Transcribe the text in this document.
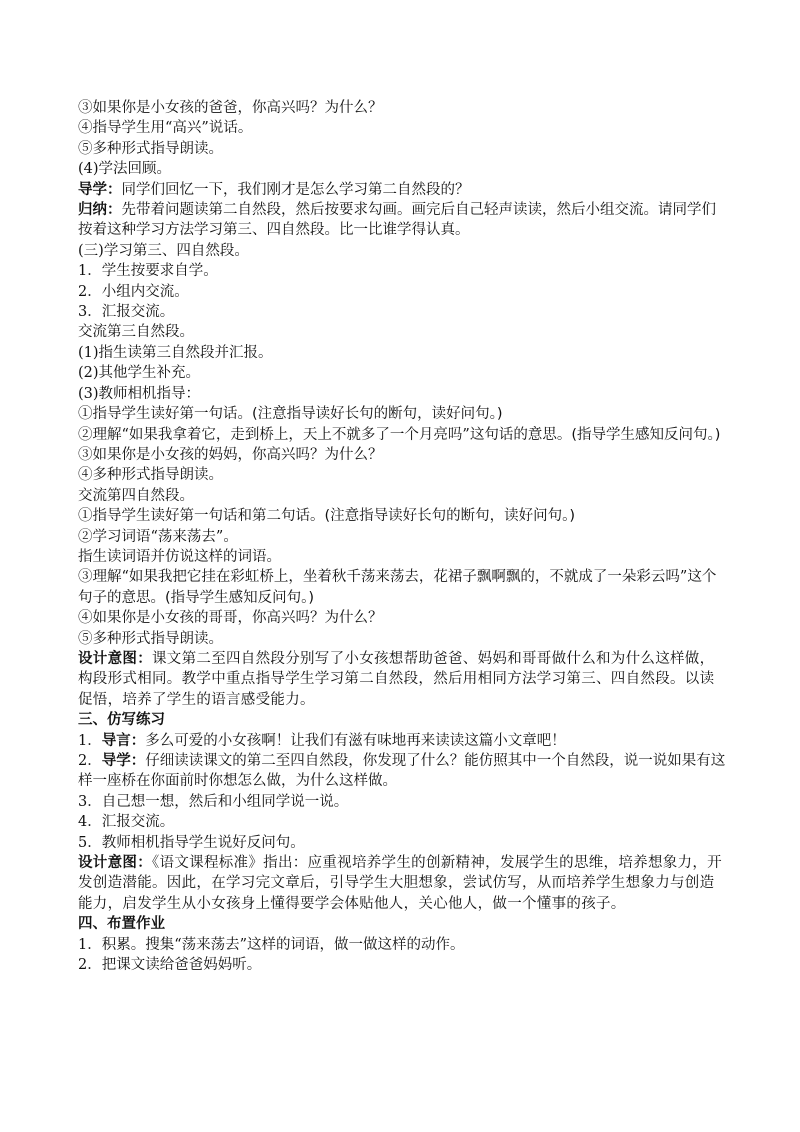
③如果你是小女孩的爸爸，你高兴吗？为什么？
④指导学生用“高兴”说话。
⑤多种形式指导朗读。
(4)学法回顾。
导学：同学们回忆一下，我们刚才是怎么学习第二自然段的？
归纳：先带着问题读第二自然段，然后按要求勾画。画完后自己轻声读读，然后小组交流。请同学们按着这种学习方法学习第三、四自然段。比一比谁学得认真。
(三)学习第三、四自然段。
1．学生按要求自学。
2．小组内交流。
3．汇报交流。
交流第三自然段。
(1)指生读第三自然段并汇报。
(2)其他学生补充。
(3)教师相机指导：
①指导学生读好第一句话。(注意指导读好长句的断句，读好问句。)
②理解“如果我拿着它，走到桥上，天上不就多了一个月亮吗”这句话的意思。(指导学生感知反问句。)
③如果你是小女孩的妈妈，你高兴吗？为什么？
④多种形式指导朗读。
交流第四自然段。
①指导学生读好第一句话和第二句话。(注意指导读好长句的断句，读好问句。)
②学习词语“荡来荡去”。
指生读词语并仿说这样的词语。
③理解“如果我把它挂在彩虹桥上，坐着秋千荡来荡去，花裙子飘啊飘的，不就成了一朵彩云吗”这个句子的意思。(指导学生感知反问句。)
④如果你是小女孩的哥哥，你高兴吗？为什么？
⑤多种形式指导朗读。
设计意图：课文第二至四自然段分别写了小女孩想帮助爸爸、妈妈和哥哥做什么和为什么这样做，构段形式相同。教学中重点指导学生学习第二自然段，然后用相同方法学习第三、四自然段。以读促悟，培养了学生的语言感受能力。
三、仿写练习
1．导言：多么可爱的小女孩啊！让我们有滋有味地再来读读这篇小文章吧！
2．导学：仔细读读课文的第二至四自然段，你发现了什么？能仿照其中一个自然段，说一说如果有这样一座桥在你面前时你想怎么做，为什么这样做。
3．自己想一想，然后和小组同学说一说。
4．汇报交流。
5．教师相机指导学生说好反问句。
设计意图：《语文课程标准》指出：应重视培养学生的创新精神，发展学生的思维，培养想象力，开发创造潜能。因此，在学习完文章后，引导学生大胆想象，尝试仿写，从而培养学生想象力与创造能力，启发学生从小女孩身上懂得要学会体贴他人，关心他人，做一个懂事的孩子。
四、布置作业
1．积累。搜集“荡来荡去”这样的词语，做一做这样的动作。
2．把课文读给爸爸妈妈听。
